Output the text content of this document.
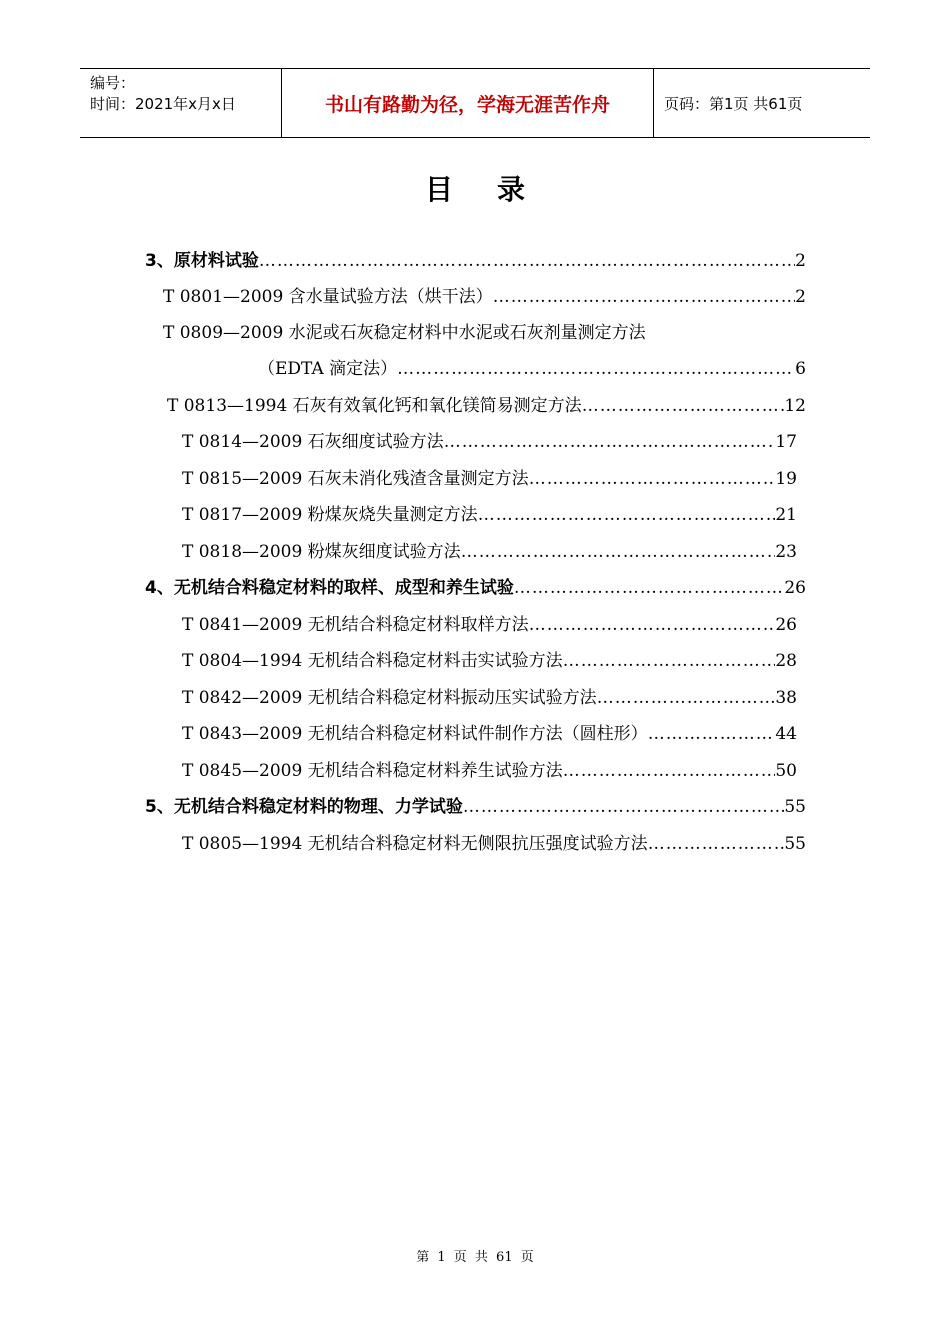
编号：
时间：2021年x月x日	书山有路勤为径，学海无涯苦作舟	页码：第1页 共61页
目录
3、原材料试验 ……………………………………………………………………………………………………………………………………………………………………	2
T 0801—2009 含水量试验方法（烘干法） ……………………………………………………………………………………………………………………………………………………………………	2
T 0809—2009 水泥或石灰稳定材料中水泥或石灰剂量测定方法
（EDTA 滴定法） ……………………………………………………………………………………………………………………………………………………………………	6
T 0813—1994 石灰有效氧化钙和氧化镁简易测定方法 ……………………………………………………………………………………………………………………………………………………………………	12
T 0814—2009 石灰细度试验方法 ……………………………………………………………………………………………………………………………………………………………………	17
T 0815—2009 石灰未消化残渣含量测定方法 ……………………………………………………………………………………………………………………………………………………………………	19
T 0817—2009 粉煤灰烧失量测定方法 ……………………………………………………………………………………………………………………………………………………………………	21
T 0818—2009 粉煤灰细度试验方法 ……………………………………………………………………………………………………………………………………………………………………	23
4、无机结合料稳定材料的取样、成型和养生试验 ……………………………………………………………………………………………………………………………………………………………………	26
T 0841—2009 无机结合料稳定材料取样方法 ……………………………………………………………………………………………………………………………………………………………………	26
T 0804—1994 无机结合料稳定材料击实试验方法 ……………………………………………………………………………………………………………………………………………………………………	28
T 0842—2009 无机结合料稳定材料振动压实试验方法 ……………………………………………………………………………………………………………………………………………………………………	38
T 0843—2009 无机结合料稳定材料试件制作方法（圆柱形） ……………………………………………………………………………………………………………………………………………………………………	44
T 0845—2009 无机结合料稳定材料养生试验方法 ……………………………………………………………………………………………………………………………………………………………………	50
5、无机结合料稳定材料的物理、力学试验 ……………………………………………………………………………………………………………………………………………………………………	55
T 0805—1994 无机结合料稳定材料无侧限抗压强度试验方法 ……………………………………………………………………………………………………………………………………………………………………	55
第 1 页 共 61 页
